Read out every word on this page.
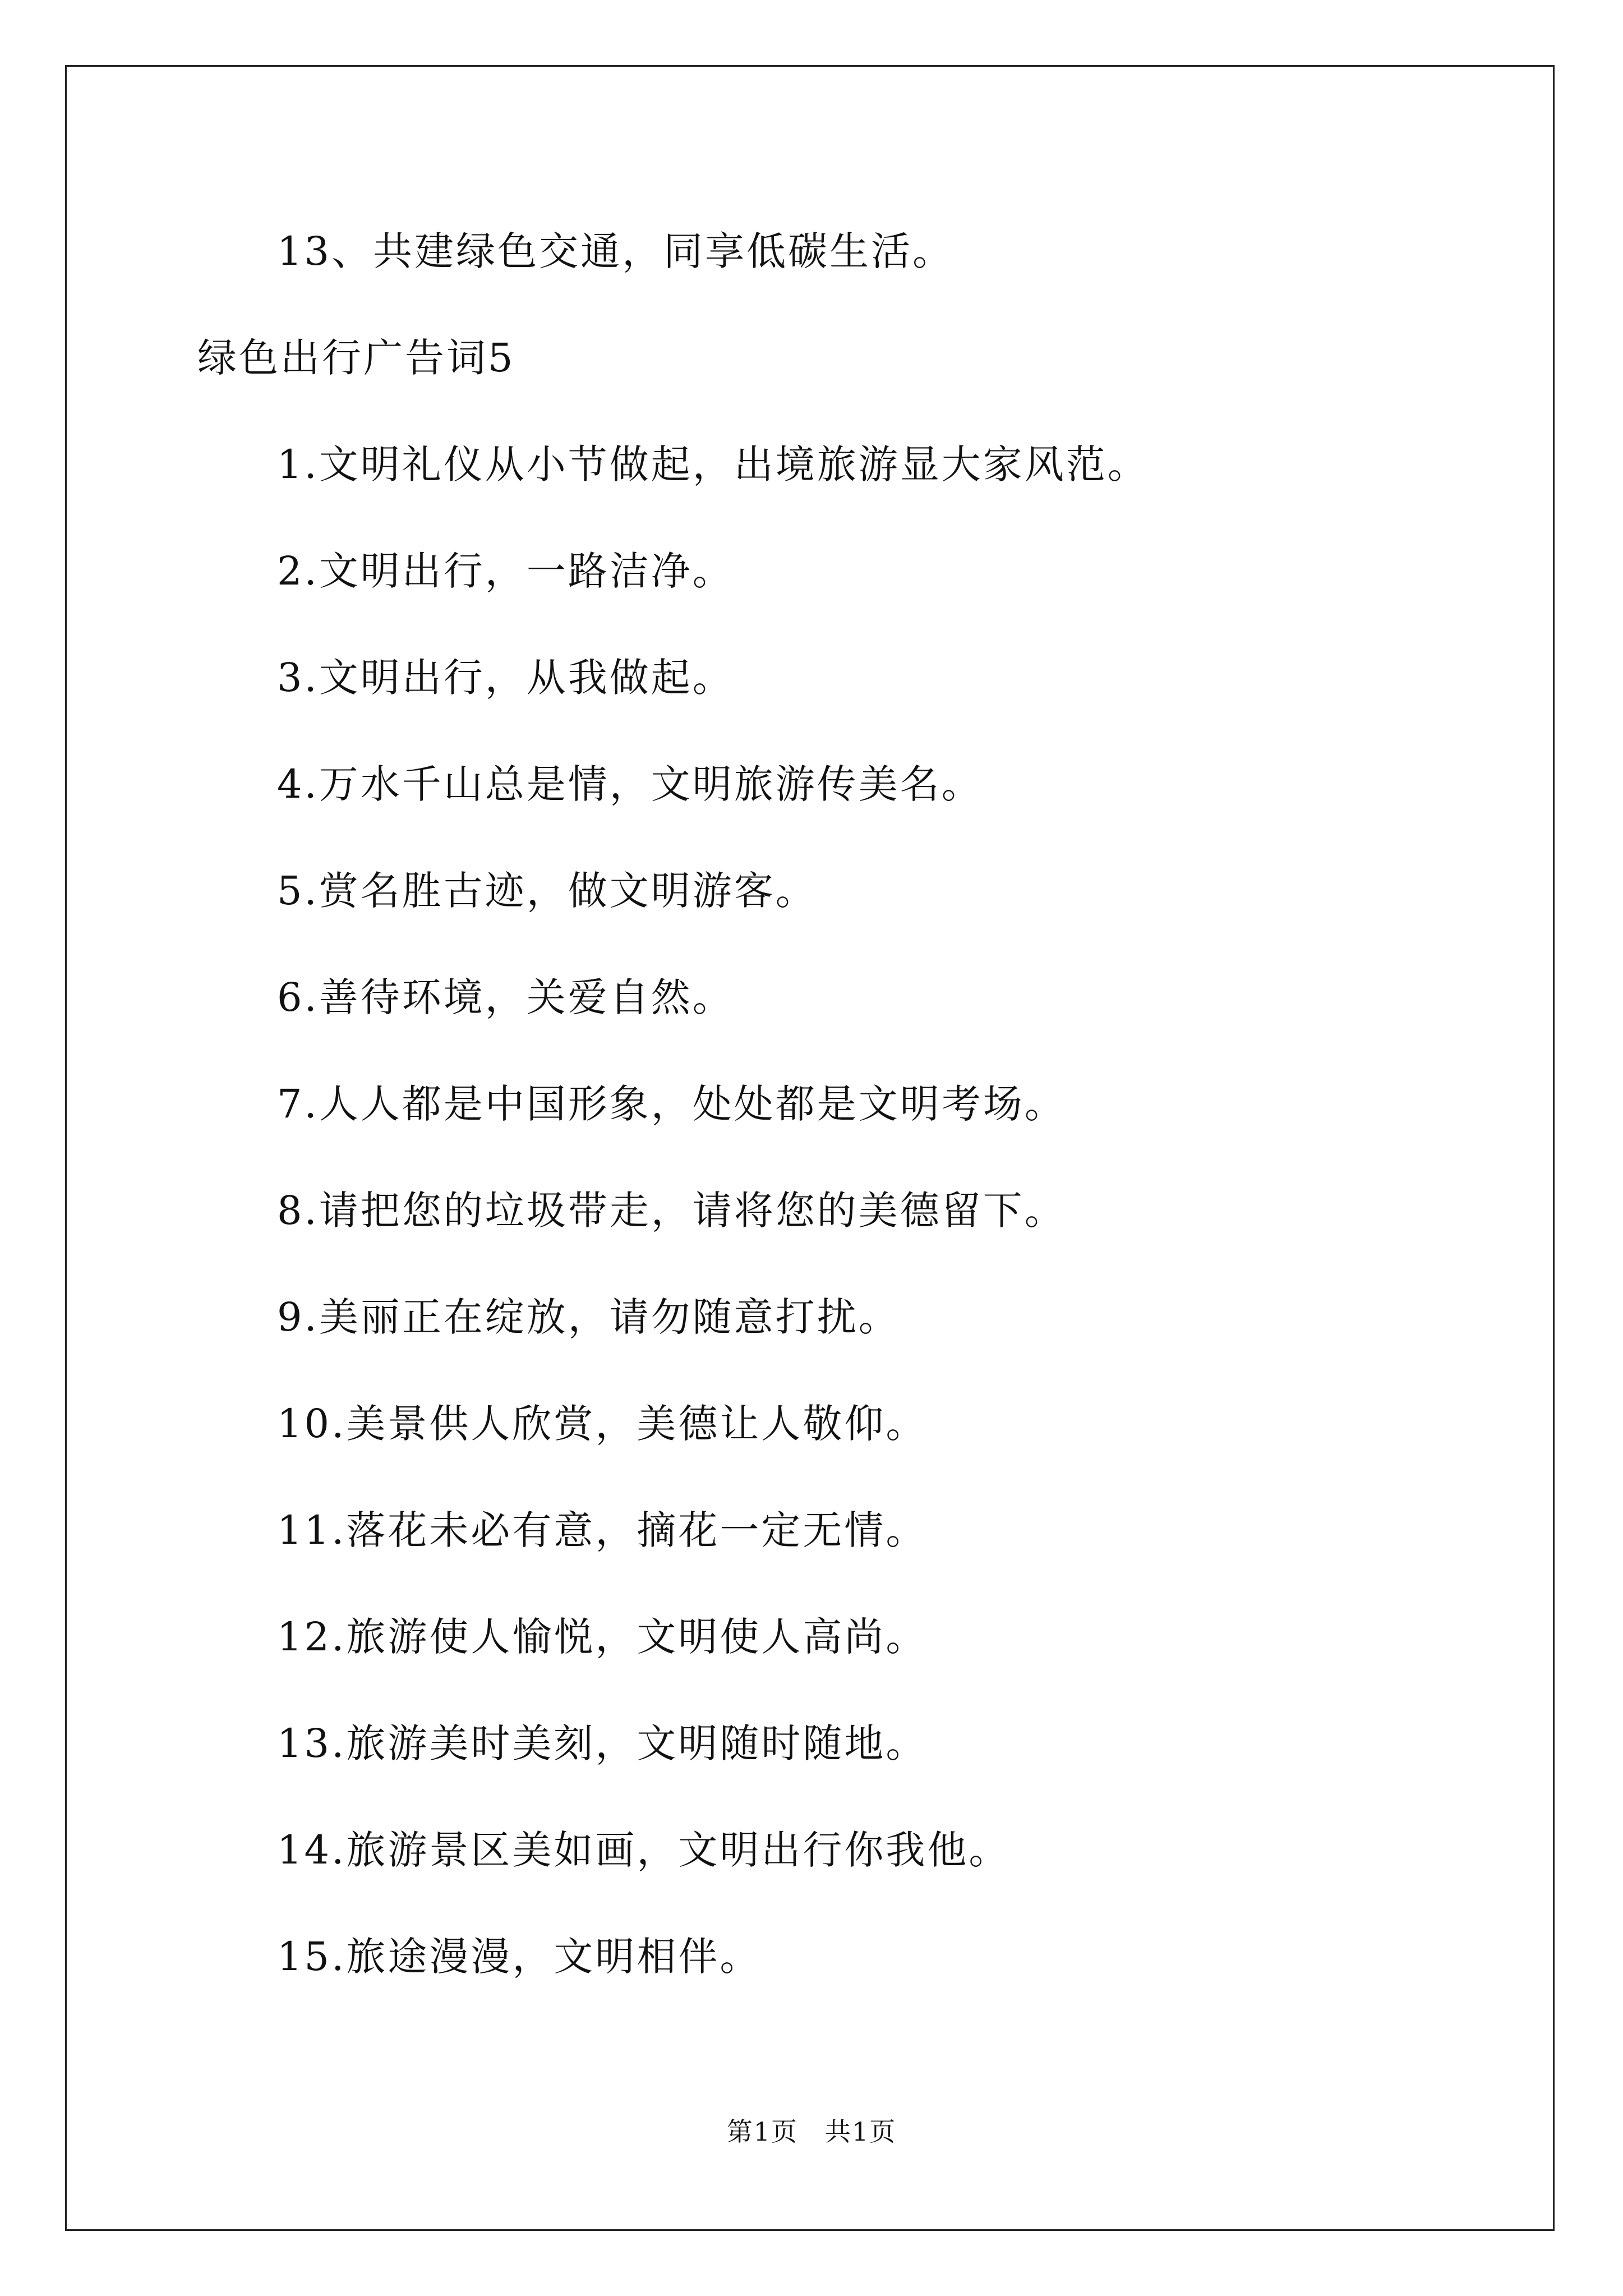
13、共建绿色交通，同享低碳生活。
绿色出行广告词5
1.文明礼仪从小节做起，出境旅游显大家风范。
2.文明出行，一路洁净。
3.文明出行，从我做起。
4.万水千山总是情，文明旅游传美名。
5.赏名胜古迹，做文明游客。
6.善待环境，关爱自然。
7.人人都是中国形象，处处都是文明考场。
8.请把您的垃圾带走，请将您的美德留下。
9.美丽正在绽放，请勿随意打扰。
10.美景供人欣赏，美德让人敬仰。
11.落花未必有意，摘花一定无情。
12.旅游使人愉悦，文明使人高尚。
13.旅游美时美刻，文明随时随地。
14.旅游景区美如画，文明出行你我他。
15.旅途漫漫，文明相伴。
第1页　共1页
